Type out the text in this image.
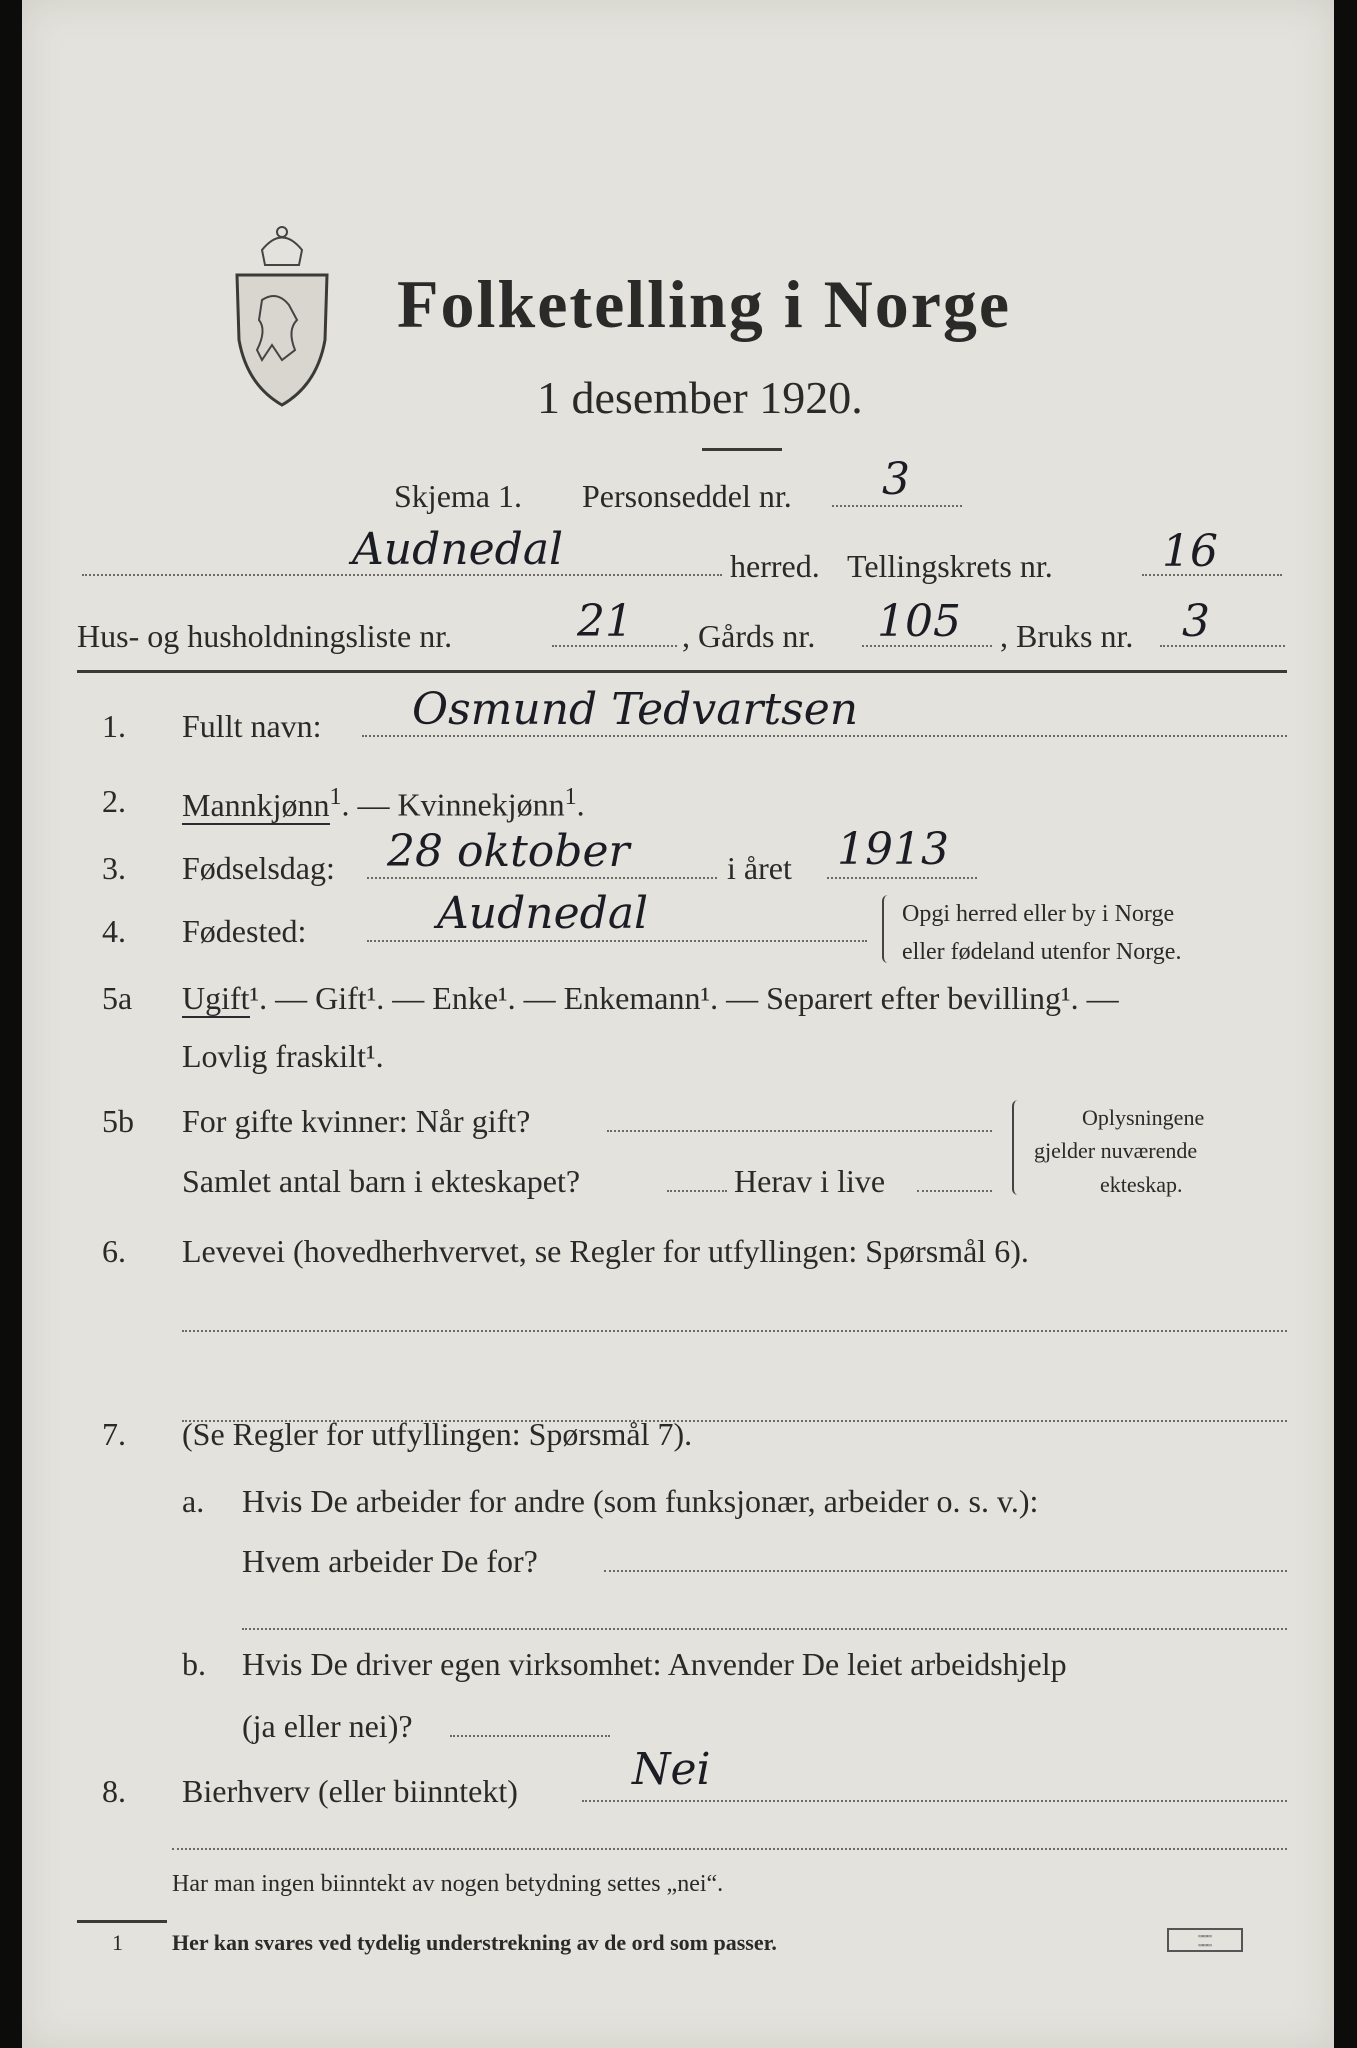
Folketelling i Norge
1 desember 1920.
Skjema 1. Personseddel nr. 3
Audnedal	herred. Tellingskrets nr. 16
Hus- og husholdningsliste nr.	21 , Gårds nr. 105 , Bruks nr. 3
1. Fullt navn: Osmund Tedvartsen
2. Mannkjønn$^1$. — Kvinnekjønn$^1$.
3. Fødselsdag: 28 oktober	i året 1913
4. Fødested:	Audnedal	Opgi herred eller by i Norge
eller fødeland utenfor Norge.
5a Ugift¹. — Gift¹. — Enke¹. — Enkemann¹. — Separert efter bevilling¹. —
Lovlig fraskilt¹.
5b For gifte kvinner: Når gift?
Samlet antal barn i ekteskapet?	Herav i live
Oplysningene
gjelder nuværende
ekteskap.
6. Levevei (hovedherhvervet, se Regler for utfyllingen: Spørsmål 6).
7. (Se Regler for utfyllingen: Spørsmål 7).
a. Hvis De arbeider for andre (som funksjonær, arbeider o. s. v.):
Hvem arbeider De for?
b. Hvis De driver egen virksomhet: Anvender De leiet arbeidshjelp
(ja eller nei)?
8. Bierhverv (eller biinntekt)	Nei
Har man ingen biinntekt av nogen betydning settes „nei“.
1 Her kan svares ved tydelig understrekning av de ord som passer.	▭▭▭
▭▭▭
